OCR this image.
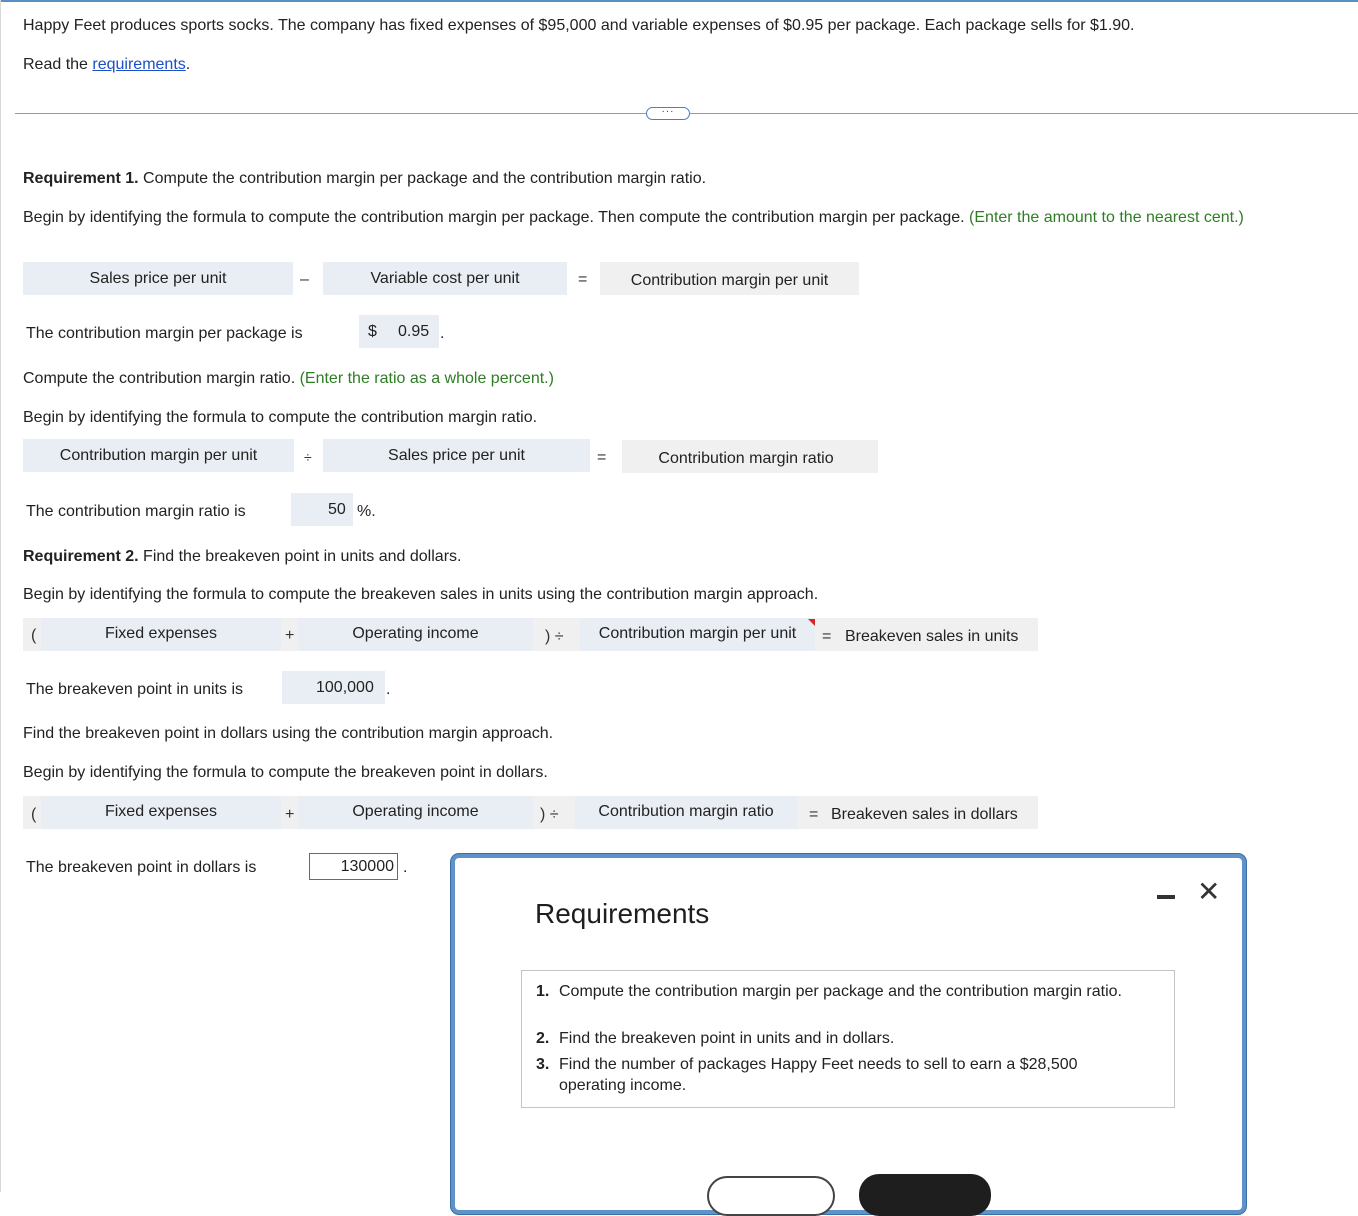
Happy Feet produces sports socks. The company has fixed expenses of $95,000 and variable expenses of $0.95 per package. Each package sells for $1.90.
Read the requirements.
···
Requirement 1. Compute the contribution margin per package and the contribution margin ratio.
Begin by identifying the formula to compute the contribution margin per package. Then compute the contribution margin per package. (Enter the amount to the nearest cent.)
Sales price per unit	–	Variable cost per unit	=	Contribution margin per unit
The contribution margin per package is	$ 0.95 .
Compute the contribution margin ratio. (Enter the ratio as a whole percent.)
Begin by identifying the formula to compute the contribution margin ratio.
Contribution margin per unit	÷	Sales price per unit	=	Contribution margin ratio
The contribution margin ratio is	50 %.
Requirement 2. Find the breakeven point in units and dollars.
Begin by identifying the formula to compute the breakeven sales in units using the contribution margin approach.
(	Fixed expenses	+	Operating income	) ÷	Contribution margin per unit	= Breakeven sales in units
The breakeven point in units is	100,000 .
Find the breakeven point in dollars using the contribution margin approach.
Begin by identifying the formula to compute the breakeven point in dollars.
(	Fixed expenses	+	Operating income	) ÷	Contribution margin ratio	= Breakeven sales in dollars
The breakeven point in dollars is
130000	.
Requirements
✕
1. Compute the contribution margin per package and the contribution margin ratio.
2. Find the breakeven point in units and in dollars.
3. Find the number of packages Happy Feet needs to sell to earn a $28,500 operating income.
